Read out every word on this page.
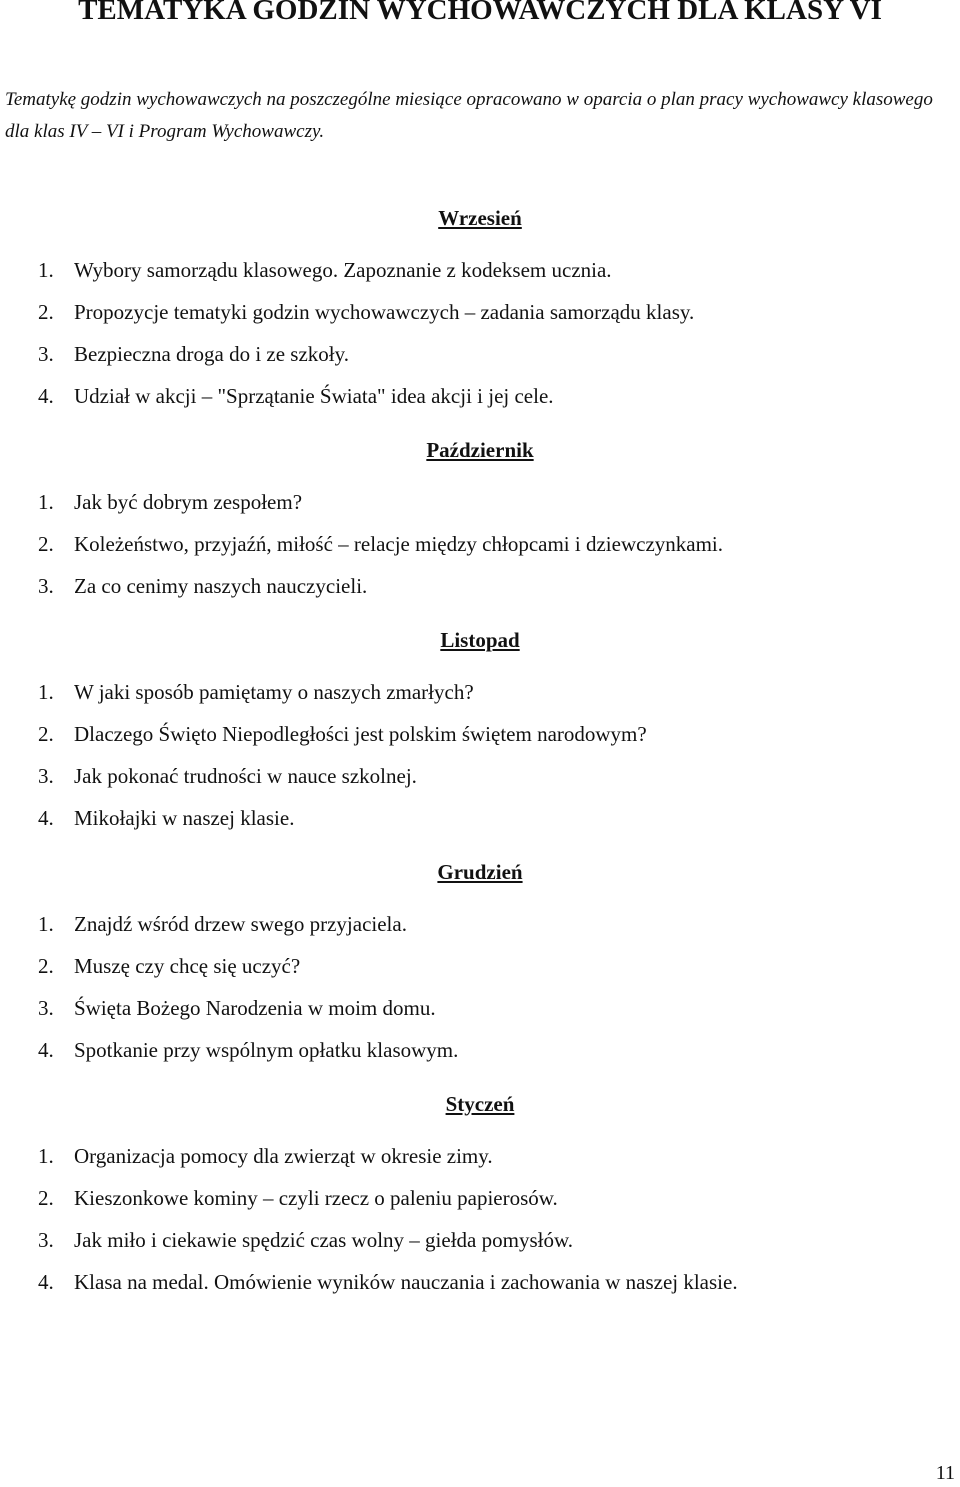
TEMATYKA GODZIN WYCHOWAWCZYCH DLA KLASY VI
Tematykę godzin wychowawczych na poszczególne miesiące opracowano w oparcia o plan pracy wychowawcy klasowego dla klas IV – VI i Program Wychowawczy.
Wrzesień
1. Wybory samorządu klasowego. Zapoznanie z kodeksem ucznia.
2. Propozycje tematyki godzin wychowawczych – zadania samorządu klasy.
3. Bezpieczna droga do i ze szkoły.
4. Udział w akcji – "Sprzątanie Świata" idea akcji i jej cele.
Październik
1. Jak być dobrym zespołem?
2. Koleżeństwo, przyjaźń, miłość – relacje między chłopcami i dziewczynkami.
3. Za co cenimy naszych nauczycieli.
Listopad
1. W jaki sposób pamiętamy o naszych zmarłych?
2. Dlaczego Święto Niepodległości jest polskim świętem narodowym?
3. Jak pokonać trudności w nauce szkolnej.
4. Mikołajki w naszej klasie.
Grudzień
1. Znajdź wśród drzew swego przyjaciela.
2. Muszę czy chcę się uczyć?
3. Święta Bożego Narodzenia w moim domu.
4. Spotkanie przy wspólnym opłatku klasowym.
Styczeń
1. Organizacja pomocy dla zwierząt w okresie zimy.
2. Kieszonkowe kominy – czyli rzecz o paleniu papierosów.
3. Jak miło i ciekawie spędzić czas wolny – giełda pomysłów.
4. Klasa na medal. Omówienie wyników nauczania i zachowania w naszej klasie.
11
